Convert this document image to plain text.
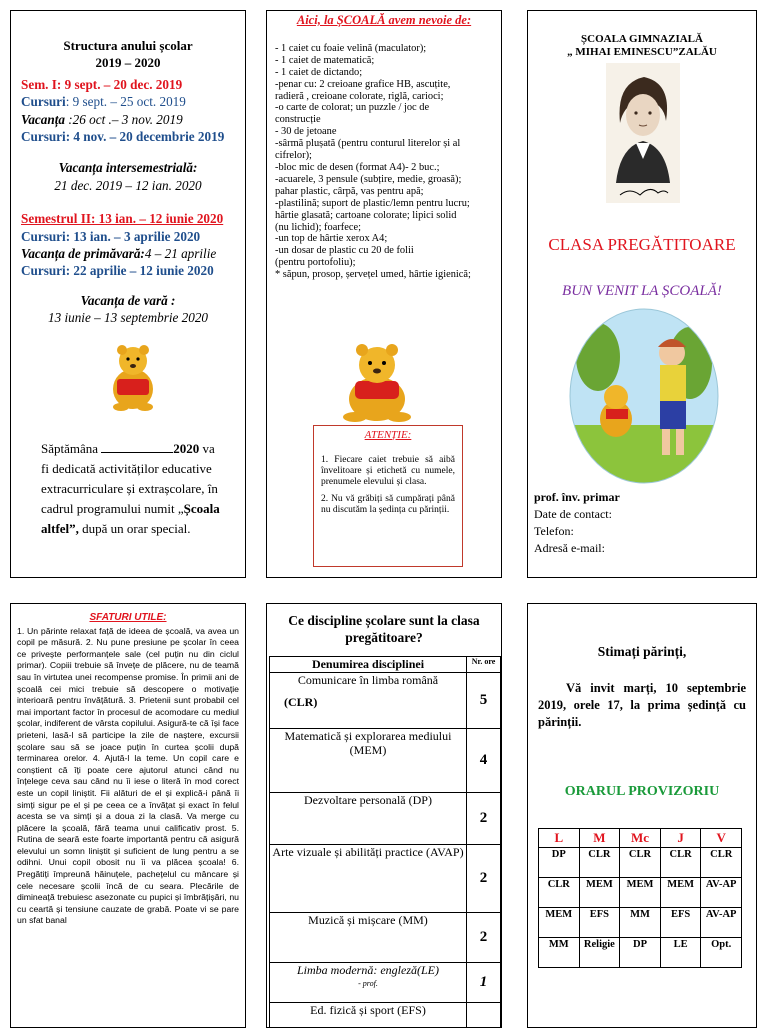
Structura anului școlar
2019 – 2020
Sem. I: 9 sept. – 20 dec. 2019
Cursuri: 9 sept. – 25 oct. 2019
Vacanța :26 oct .– 3 nov. 2019
Cursuri: 4 nov. – 20 decembrie 2019
Vacanța intersemestrială:
21 dec. 2019 – 12 ian. 2020
Semestrul II: 13 ian. – 12 iunie 2020
Cursuri: 13 ian. – 3 aprilie 2020
Vacanța de primăvară:4 – 21 aprilie
Cursuri: 22 aprilie – 12 iunie 2020
Vacanța de vară :
13 iunie – 13 septembrie 2020
Săptămâna	2020 va
fi dedicată activităților educative
extracurriculare și extrașcolare, în
cadrul programului numit „Școala
altfel”, după un orar special.
Aici, la ȘCOALĂ avem nevoie de:
- 1 caiet cu foaie velină (maculator);
- 1 caiet de matematică;
- 1 caiet de dictando;
-penar cu: 2 creioane grafice HB, ascuțite,
radieră , creioane colorate, riglă, carioci;
-o carte de colorat; un puzzle / joc de
construcție
- 30 de jetoane
-sârmă plușată (pentru conturul literelor și al
cifrelor);
-bloc mic de desen (format A4)- 2 buc.;
-acuarele, 3 pensule (subțire, medie, groasă);
pahar plastic, cârpă, vas pentru apă;
-plastilină; suport de plastic/lemn pentru lucru;
hârtie glasată; cartoane colorate; lipici solid
(nu lichid); foarfece;
-un top de hârtie xerox A4;
-un dosar de plastic cu 20 de folii
(pentru portofoliu);
* săpun, prosop, șervețel umed, hârtie igienică;
ATENȚIE:
1. Fiecare caiet trebuie să aibă învelitoare și etichetă cu numele, prenumele elevului și clasa.
2. Nu vă grăbiți să cumpărați până nu discutăm la ședința cu părinții.
ȘCOALA GIMNAZIALĂ
„ MIHAI EMINESCU”ZALĂU
CLASA PREGĂTITOARE
BUN VENIT LA ȘCOALĂ!
prof. înv. primar
Date de contact:
Telefon:
Adresă e-mail:
SFATURI UTILE:
1. Un părinte relaxat față de ideea de școală, va avea un copil pe măsură. 2. Nu pune presiune pe școlar în ceea ce privește performanțele sale (cel puțin nu din ciclul primar). Copiii trebuie să învețe de plăcere, nu de teamă sau în virtutea unei recompense promise. În primii ani de școală cei mici trebuie să descopere o motivație interioară pentru învățătură. 3. Prietenii sunt probabil cel mai important factor în procesul de acomodare cu mediul școlar, indiferent de vârsta copilului. Asigură-te că își face prieteni, lasă-l să participe la zile de naștere, excursii școlare sau să se joace puțin în curtea școlii după terminarea orelor. 4. Ajută-l la teme. Un copil care e conștient că îți poate cere ajutorul atunci când nu înțelege ceva sau când nu îi iese o literă în mod corect este un copil liniștit. Fii alături de el și explică-i până îi simți sigur pe el și pe ceea ce a învățat și exact în felul acesta se va simți și a doua zi la clasă. Va merge cu plăcere la școală, fără teama unui calificativ prost. 5. Rutina de seară este foarte importantă pentru că asigură elevului un somn liniștit și suficient de lung pentru a se odihni. Unui copil obosit nu îi va plăcea școala! 6. Pregătiți împreună hăinuțele, pachețelul cu mâncare și cele necesare școlii încă de cu seara. Plecările de dimineață trebuiesc asezonate cu pupici și îmbrățișări, nu cu ceartă și tensiune cauzate de grabă. Poate vi se pare un sfat banal
Ce discipline școlare sunt la clasa pregătitoare?
Denumirea disciplinei	Nr. ore

Comunicare în limba română
(CLR)	5

Matematică și explorarea mediului (MEM)	4

Dezvoltare personală (DP)	2

Arte vizuale și abilități practice (AVAP)	2

Muzică și mișcare (MM)	2

Limba modernă: engleză(LE)
- prof.	1

Ed. fizică și sport (EFS)	

Stimați părinți,
Vă invit marți, 10 septembrie 2019, orele 17, la prima ședință cu părinții.
ORARUL PROVIZORIU
L	M	Mc	J	V
DP	CLR	CLR	CLR	CLR
CLR	MEM	MEM	MEM	AV-AP
MEM	EFS	MM	EFS	AV-AP
MM	Religie	DP	LE	Opt.
